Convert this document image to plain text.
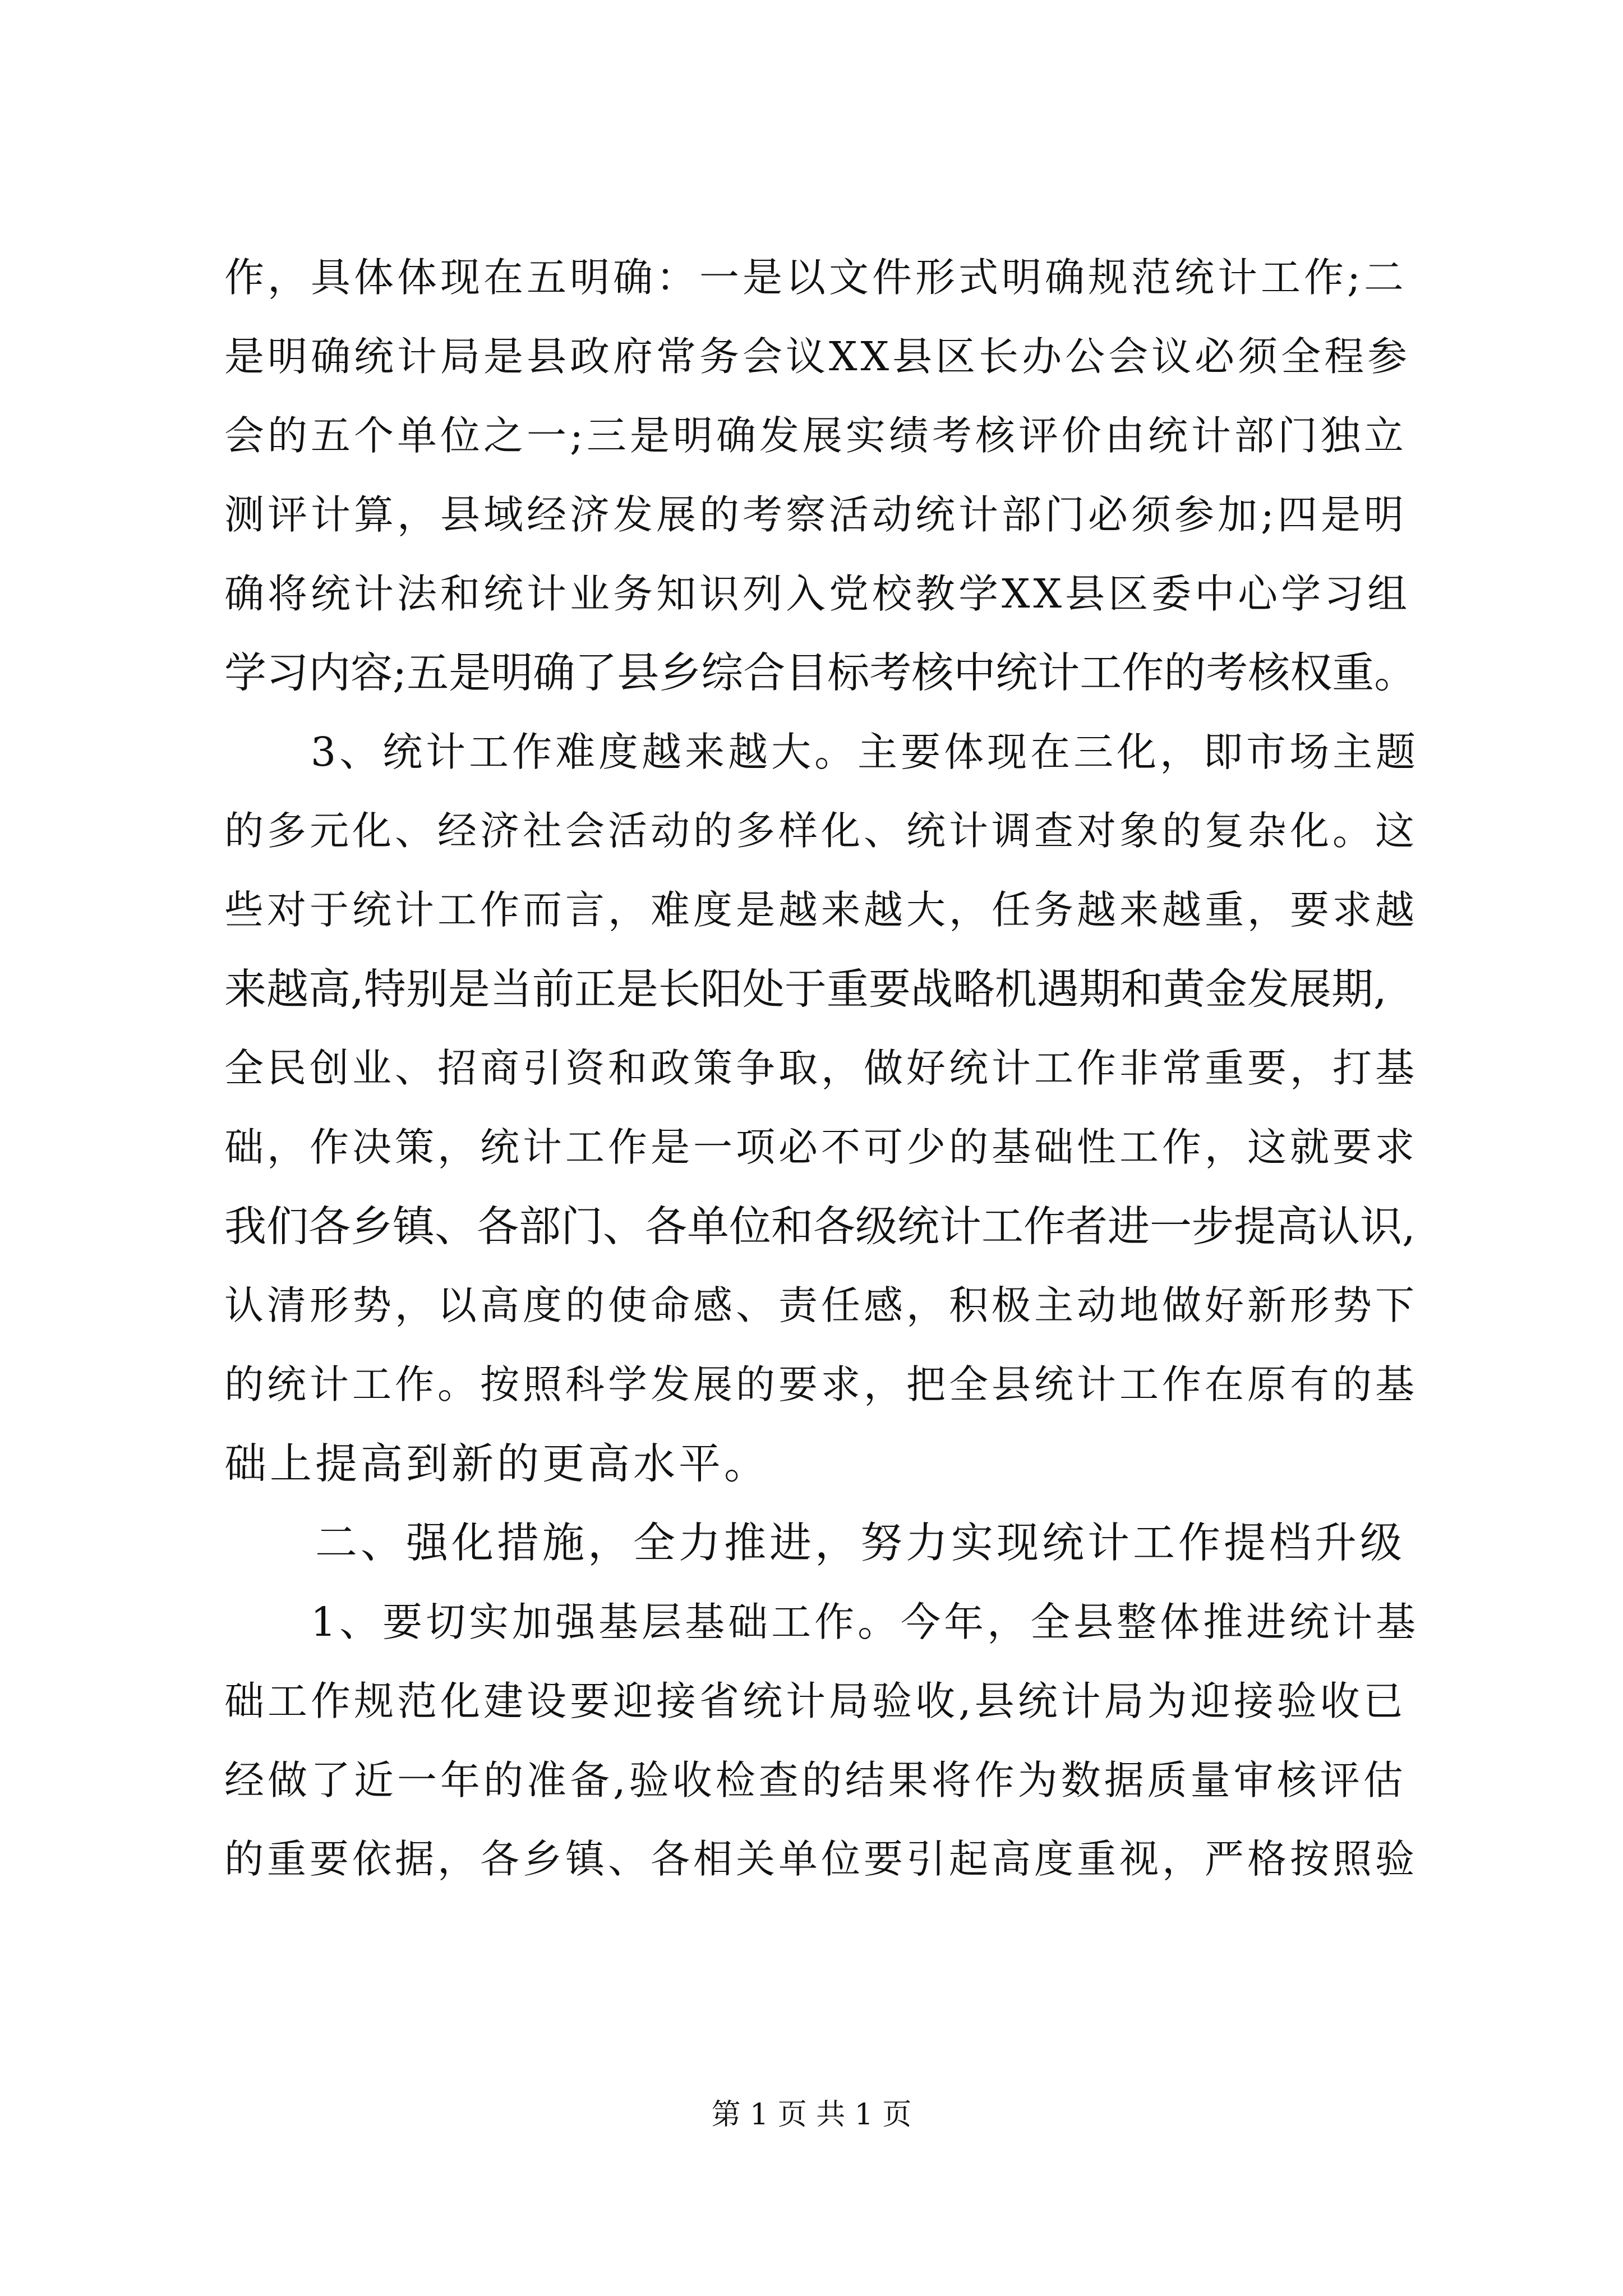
作，具体体现在五明确：一是以文件形式明确规范统计工作;二
是明确统计局是县政府常务会议XX县区长办公会议必须全程参
会的五个单位之一;三是明确发展实绩考核评价由统计部门独立
测评计算，县域经济发展的考察活动统计部门必须参加;四是明
确将统计法和统计业务知识列入党校教学XX县区委中心学习组
学习内容;五是明确了县乡综合目标考核中统计工作的考核权重。
　　3、统计工作难度越来越大。主要体现在三化，即市场主题
的多元化、经济社会活动的多样化、统计调查对象的复杂化。这
些对于统计工作而言，难度是越来越大，任务越来越重，要求越
来越高,特别是当前正是长阳处于重要战略机遇期和黄金发展期,
全民创业、招商引资和政策争取，做好统计工作非常重要，打基
础，作决策，统计工作是一项必不可少的基础性工作，这就要求
我们各乡镇、各部门、各单位和各级统计工作者进一步提高认识,
认清形势，以高度的使命感、责任感，积极主动地做好新形势下
的统计工作。按照科学发展的要求，把全县统计工作在原有的基
础上提高到新的更高水平。
　　二、强化措施，全力推进，努力实现统计工作提档升级
　　1、要切实加强基层基础工作。今年，全县整体推进统计基
础工作规范化建设要迎接省统计局验收,县统计局为迎接验收已
经做了近一年的准备,验收检查的结果将作为数据质量审核评估
的重要依据，各乡镇、各相关单位要引起高度重视，严格按照验
第 1 页 共 1 页
